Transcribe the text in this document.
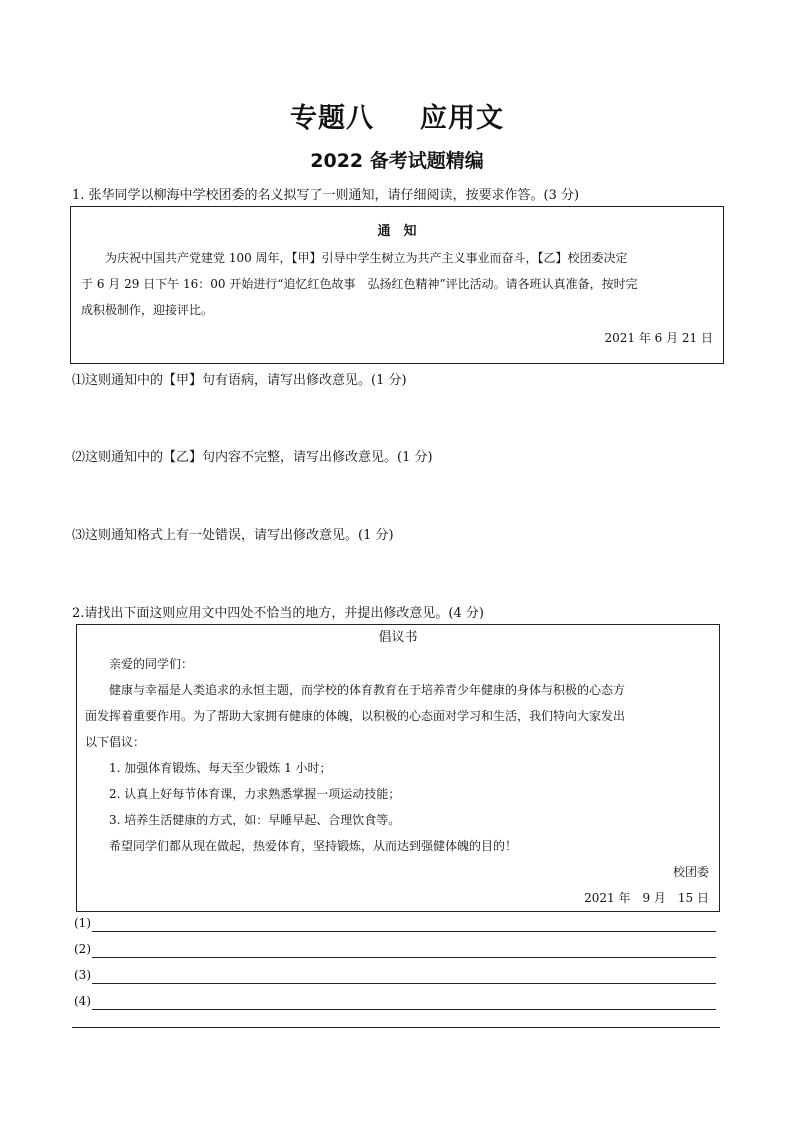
专题八 应用文
2022 备考试题精编
1. 张华同学以柳海中学校团委的名义拟写了一则通知，请仔细阅读，按要求作答。(3 分)
通　知
　　为庆祝中国共产党建党 100 周年，【甲】引导中学生树立为共产主义事业而奋斗，【乙】校团委决定
于 6 月 29 日下午 16：00 开始进行“追忆红色故事　弘扬红色精神”评比活动。请各班认真准备，按时完
成积极制作，迎接评比。
2021 年 6 月 21 日
⑴这则通知中的【甲】句有语病，请写出修改意见。(1 分)
⑵这则通知中的【乙】句内容不完整，请写出修改意见。(1 分)
⑶这则通知格式上有一处错误，请写出修改意见。(1 分)
2.请找出下面这则应用文中四处不恰当的地方，并提出修改意见。(4 分)
倡议书
　　亲爱的同学们：
　　健康与幸福是人类追求的永恒主题，而学校的体育教育在于培养青少年健康的身体与积极的心态方
面发挥着重要作用。为了帮助大家拥有健康的体魄，以积极的心态面对学习和生活，我们特向大家发出
以下倡议：
　　1. 加强体育锻炼、每天至少锻炼 1 小时；
　　2. 认真上好每节体育课，力求熟悉掌握一项运动技能；
　　3. 培养生活健康的方式，如：早睡早起、合理饮食等。
　　希望同学们都从现在做起，热爱体育，坚持锻炼，从而达到强健体魄的目的！
校团委
2021 年　9 月　15 日
(1)
(2)
(3)
(4)
